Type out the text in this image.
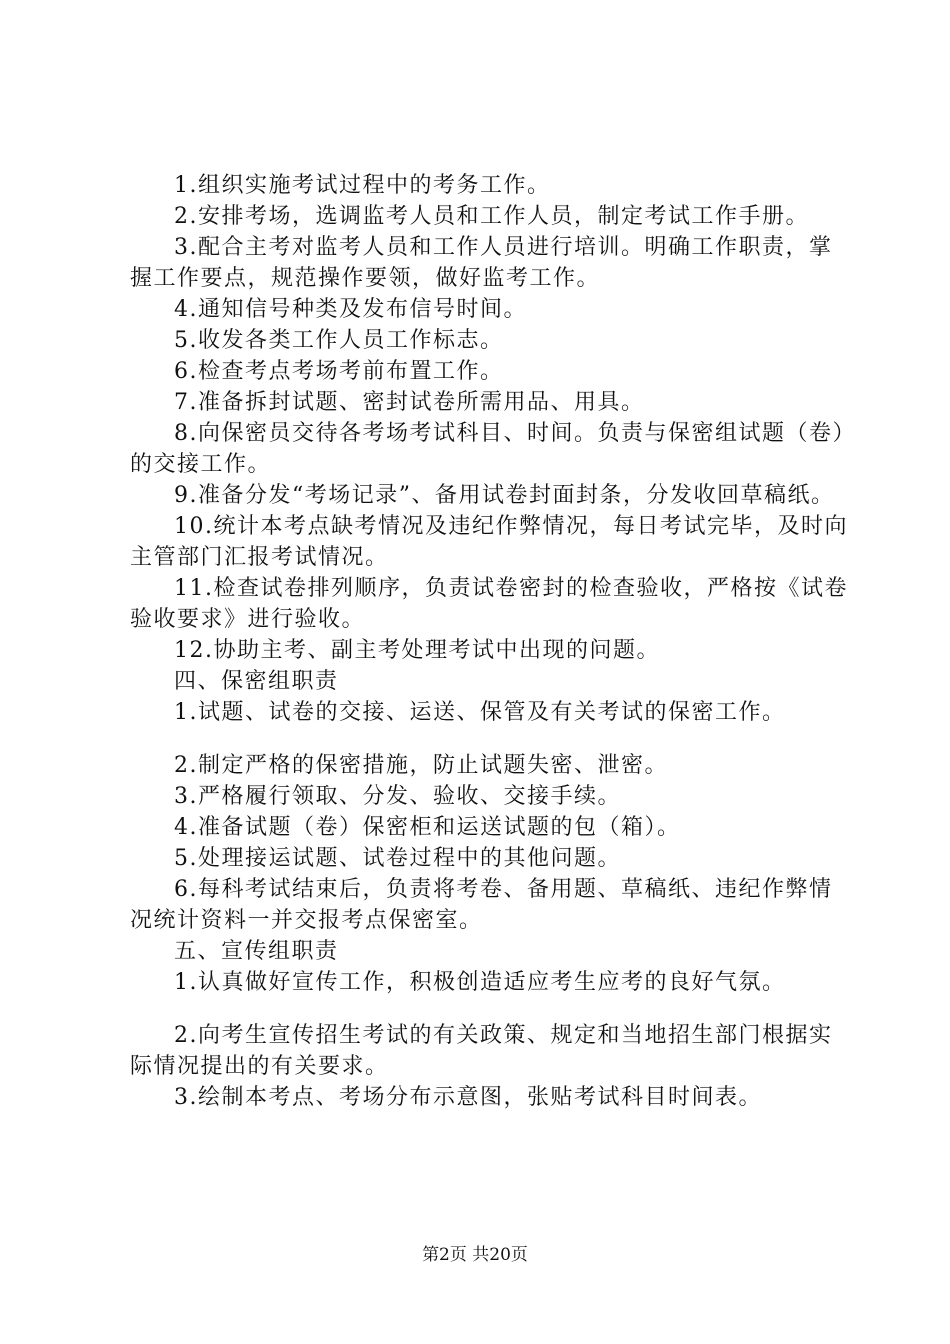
1.组织实施考试过程中的考务工作。

2.安排考场，选调监考人员和工作人员，制定考试工作手册。

3.配合主考对监考人员和工作人员进行培训。明确工作职责，掌握工作要点，规范操作要领，做好监考工作。

4.通知信号种类及发布信号时间。

5.收发各类工作人员工作标志。

6.检查考点考场考前布置工作。

7.准备拆封试题、密封试卷所需用品、用具。

8.向保密员交待各考场考试科目、时间。负责与保密组试题（卷）的交接工作。

9.准备分发“考场记录”、备用试卷封面封条，分发收回草稿纸。

10.统计本考点缺考情况及违纪作弊情况，每日考试完毕，及时向主管部门汇报考试情况。

11.检查试卷排列顺序，负责试卷密封的检查验收，严格按《试卷验收要求》进行验收。

12.协助主考、副主考处理考试中出现的问题。

四、保密组职责

1.试题、试卷的交接、运送、保管及有关考试的保密工作。

2.制定严格的保密措施，防止试题失密、泄密。

3.严格履行领取、分发、验收、交接手续。

4.准备试题（卷）保密柜和运送试题的包（箱）。

5.处理接运试题、试卷过程中的其他问题。

6.每科考试结束后，负责将考卷、备用题、草稿纸、违纪作弊情况统计资料一并交报考点保密室。

五、宣传组职责

1.认真做好宣传工作，积极创造适应考生应考的良好气氛。

2.向考生宣传招生考试的有关政策、规定和当地招生部门根据实际情况提出的有关要求。

3.绘制本考点、考场分布示意图，张贴考试科目时间表。

第2页 共20页
